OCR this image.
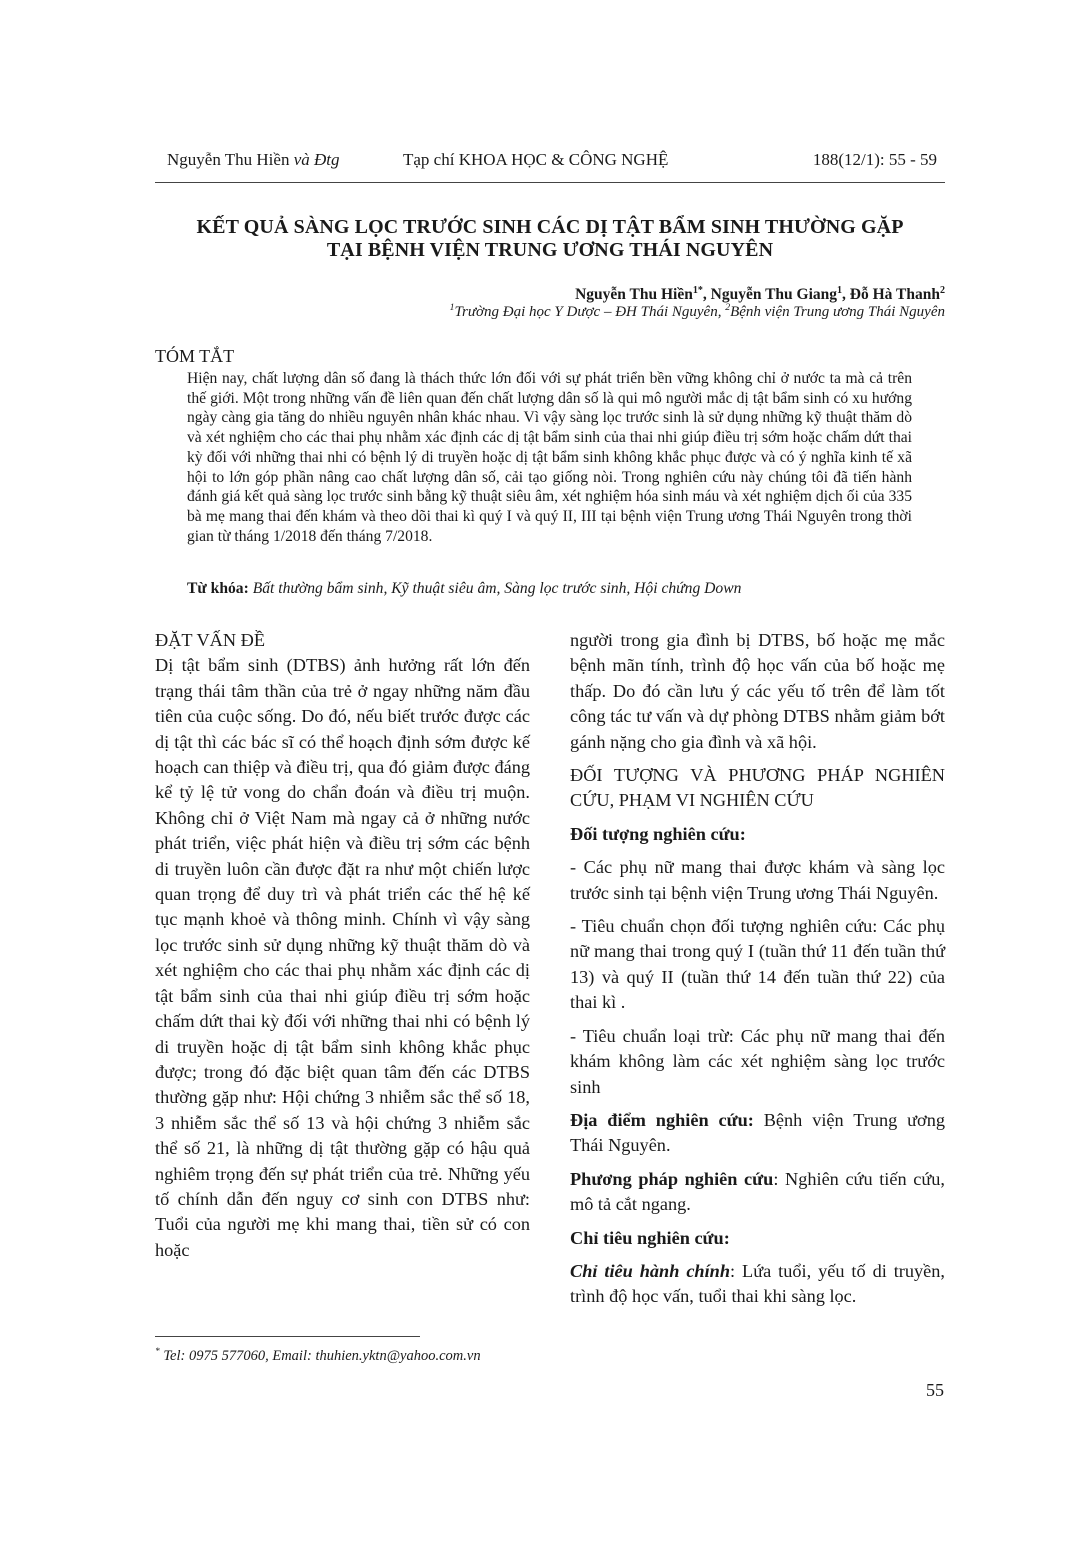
Nguyễn Thu Hiền và Đtg	Tạp chí KHOA HỌC & CÔNG NGHỆ	188(12/1): 55 - 59
KẾT QUẢ SÀNG LỌC TRƯỚC SINH CÁC DỊ TẬT BẨM SINH THƯỜNG GẶP
TẠI BỆNH VIỆN TRUNG ƯƠNG THÁI NGUYÊN
Nguyễn Thu Hiền$^{1*}$, Nguyễn Thu Giang$^1$, Đỗ Hà Thanh$^2$
$^1$Trường Đại học Y Dược – ĐH Thái Nguyên, $^2$Bệnh viện Trung ương Thái Nguyên
TÓM TẮT
Hiện nay, chất lượng dân số đang là thách thức lớn đối với sự phát triển bền vững không chỉ ở nước ta mà cả trên thế giới. Một trong những vấn đề liên quan đến chất lượng dân số là qui mô người mắc dị tật bẩm sinh có xu hướng ngày càng gia tăng do nhiều nguyên nhân khác nhau. Vì vậy sàng lọc trước sinh là sử dụng những kỹ thuật thăm dò và xét nghiệm cho các thai phụ nhằm xác định các dị tật bẩm sinh của thai nhi giúp điều trị sớm hoặc chấm dứt thai kỳ đối với những thai nhi có bệnh lý di truyền hoặc dị tật bẩm sinh không khắc phục được và có ý nghĩa kinh tế xã hội to lớn góp phần nâng cao chất lượng dân số, cải tạo giống nòi. Trong nghiên cứu này chúng tôi đã tiến hành đánh giá kết quả sàng lọc trước sinh bằng kỹ thuật siêu âm, xét nghiệm hóa sinh máu và xét nghiệm dịch ối của 335 bà mẹ mang thai đến khám và theo dõi thai kì quý I và quý II, III tại bệnh viện Trung ương Thái Nguyên trong thời gian từ tháng 1/2018 đến tháng 7/2018.
Từ khóa: Bất thường bẩm sinh, Kỹ thuật siêu âm, Sàng lọc trước sinh, Hội chứng Down

ĐẶT VẤN ĐỀ

Dị tật bẩm sinh (DTBS) ảnh hưởng rất lớn đến trạng thái tâm thần của trẻ ở ngay những năm đầu tiên của cuộc sống. Do đó, nếu biết trước được các dị tật thì các bác sĩ có thể hoạch định sớm được kế hoạch can thiệp và điều trị, qua đó giảm được đáng kể tỷ lệ tử vong do chẩn đoán và điều trị muộn. Không chỉ ở Việt Nam mà ngay cả ở những nước phát triển, việc phát hiện và điều trị sớm các bệnh di truyền luôn cần được đặt ra như một chiến lược quan trọng để duy trì và phát triển các thế hệ kế tục mạnh khoẻ và thông minh. Chính vì vậy sàng lọc trước sinh sử dụng những kỹ thuật thăm dò và xét nghiệm cho các thai phụ nhằm xác định các dị tật bẩm sinh của thai nhi giúp điều trị sớm hoặc chấm dứt thai kỳ đối với những thai nhi có bệnh lý di truyền hoặc dị tật bẩm sinh không khắc phục được; trong đó đặc biệt quan tâm đến các DTBS thường gặp như: Hội chứng 3 nhiễm sắc thể số 18, 3 nhiễm sắc thể số 13 và hội chứng 3 nhiễm sắc thể số 21, là những dị tật thường gặp có hậu quả nghiêm trọng đến sự phát triển của trẻ. Những yếu tố chính dẫn đến nguy cơ sinh con DTBS như: Tuổi của người mẹ khi mang thai, tiền sử có con hoặc

người trong gia đình bị DTBS, bố hoặc mẹ mắc bệnh mãn tính, trình độ học vấn của bố hoặc mẹ thấp. Do đó cần lưu ý các yếu tố trên để làm tốt công tác tư vấn và dự phòng DTBS nhằm giảm bớt gánh nặng cho gia đình và xã hội.

ĐỐI TƯỢNG VÀ PHƯƠNG PHÁP NGHIÊN CỨU, PHẠM VI NGHIÊN CỨU

Đối tượng nghiên cứu:

- Các phụ nữ mang thai được khám và sàng lọc trước sinh tại bệnh viện Trung ương Thái Nguyên.

- Tiêu chuẩn chọn đối tượng nghiên cứu: Các phụ nữ mang thai trong quý I (tuần thứ 11 đến tuần thứ 13) và quý II (tuần thứ 14 đến tuần thứ 22) của thai kì .

- Tiêu chuẩn loại trừ: Các phụ nữ mang thai đến khám không làm các xét nghiệm sàng lọc trước sinh

Địa điểm nghiên cứu: Bệnh viện Trung ương Thái Nguyên.

Phương pháp nghiên cứu: Nghiên cứu tiến cứu, mô tả cắt ngang.

Chỉ tiêu nghiên cứu:

Chỉ tiêu hành chính: Lứa tuổi, yếu tố di truyền, trình độ học vấn, tuổi thai khi sàng lọc.

* Tel: 0975 577060, Email: thuhien.yktn@yahoo.com.vn
55
